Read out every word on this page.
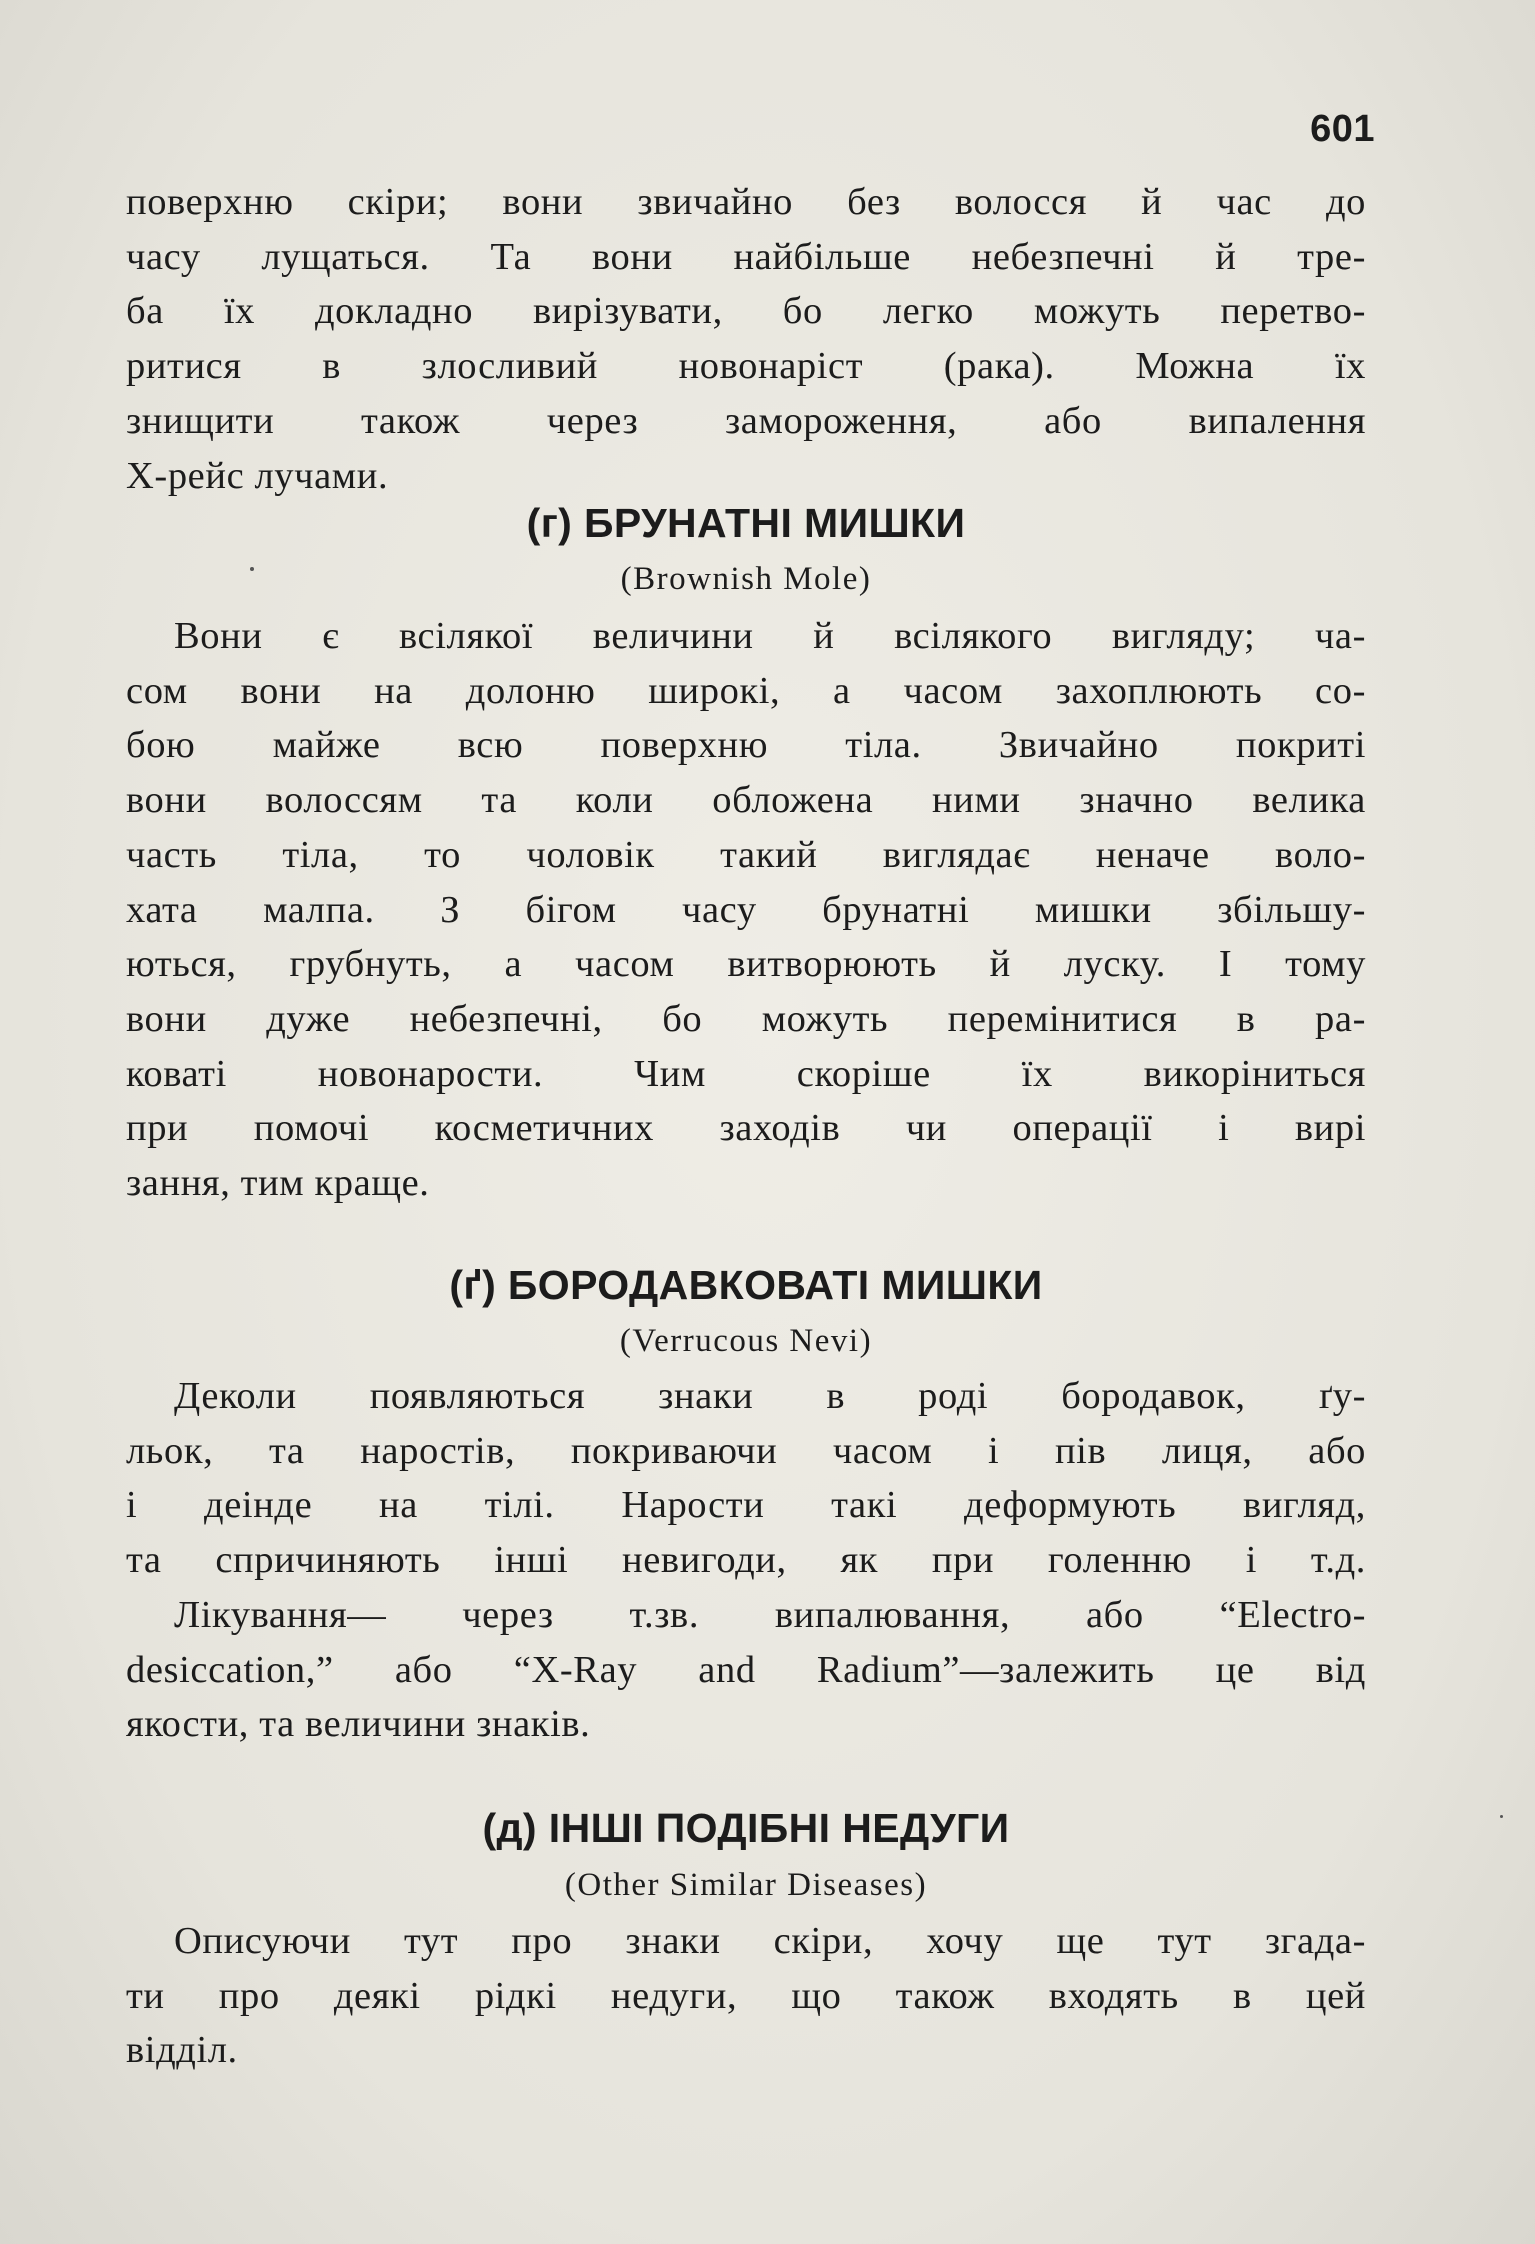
601
поверхню скіри; вони звичайно без волосся й час до
часу лущаться. Та вони найбільше небезпечні й тре-
ба їх докладно вирізувати, бо легко можуть перетво-
ритися в злосливий новонаріст (рака). Можна їх
знищити також через замороження, або випалення
Х-рейс лучами.
(г) БРУНАТНІ МИШКИ
(Brownish Mole)
Вони є всілякої величини й всілякого вигляду; ча-
сом вони на долоню широкі, а часом захоплюють со-
бою майже всю поверхню тіла. Звичайно покриті
вони волоссям та коли обложена ними значно велика
часть тіла, то чоловік такий виглядає неначе воло-
хата малпа. З бігом часу брунатні мишки збільшу-
ються, грубнуть, а часом витворюють й луску. І тому
вони дуже небезпечні, бо можуть перемінитися в ра-
коваті новонарости. Чим скоріше їх викоріниться
при помочі косметичних заходів чи операції і вирі
зання, тим краще.
(ґ) БОРОДАВКОВАТІ МИШКИ
(Verrucous Nevi)
Деколи появляються знаки в роді бородавок, ґу-
льок, та наростів, покриваючи часом і пів лиця, або
і деінде на тілі. Нарости такі деформують вигляд,
та спричиняють інші невигоди, як при голенню і т.д.
Лікування— через т.зв. випалювання, або “Electro-
desiccation,” або “X-Ray and Radium”—залежить це від
якости, та величини знаків.
(д) ІНШІ ПОДІБНІ НЕДУГИ
(Other Similar Diseases)
Описуючи тут про знаки скіри, хочу ще тут згада-
ти про деякі рідкі недуги, що також входять в цей
відділ.
